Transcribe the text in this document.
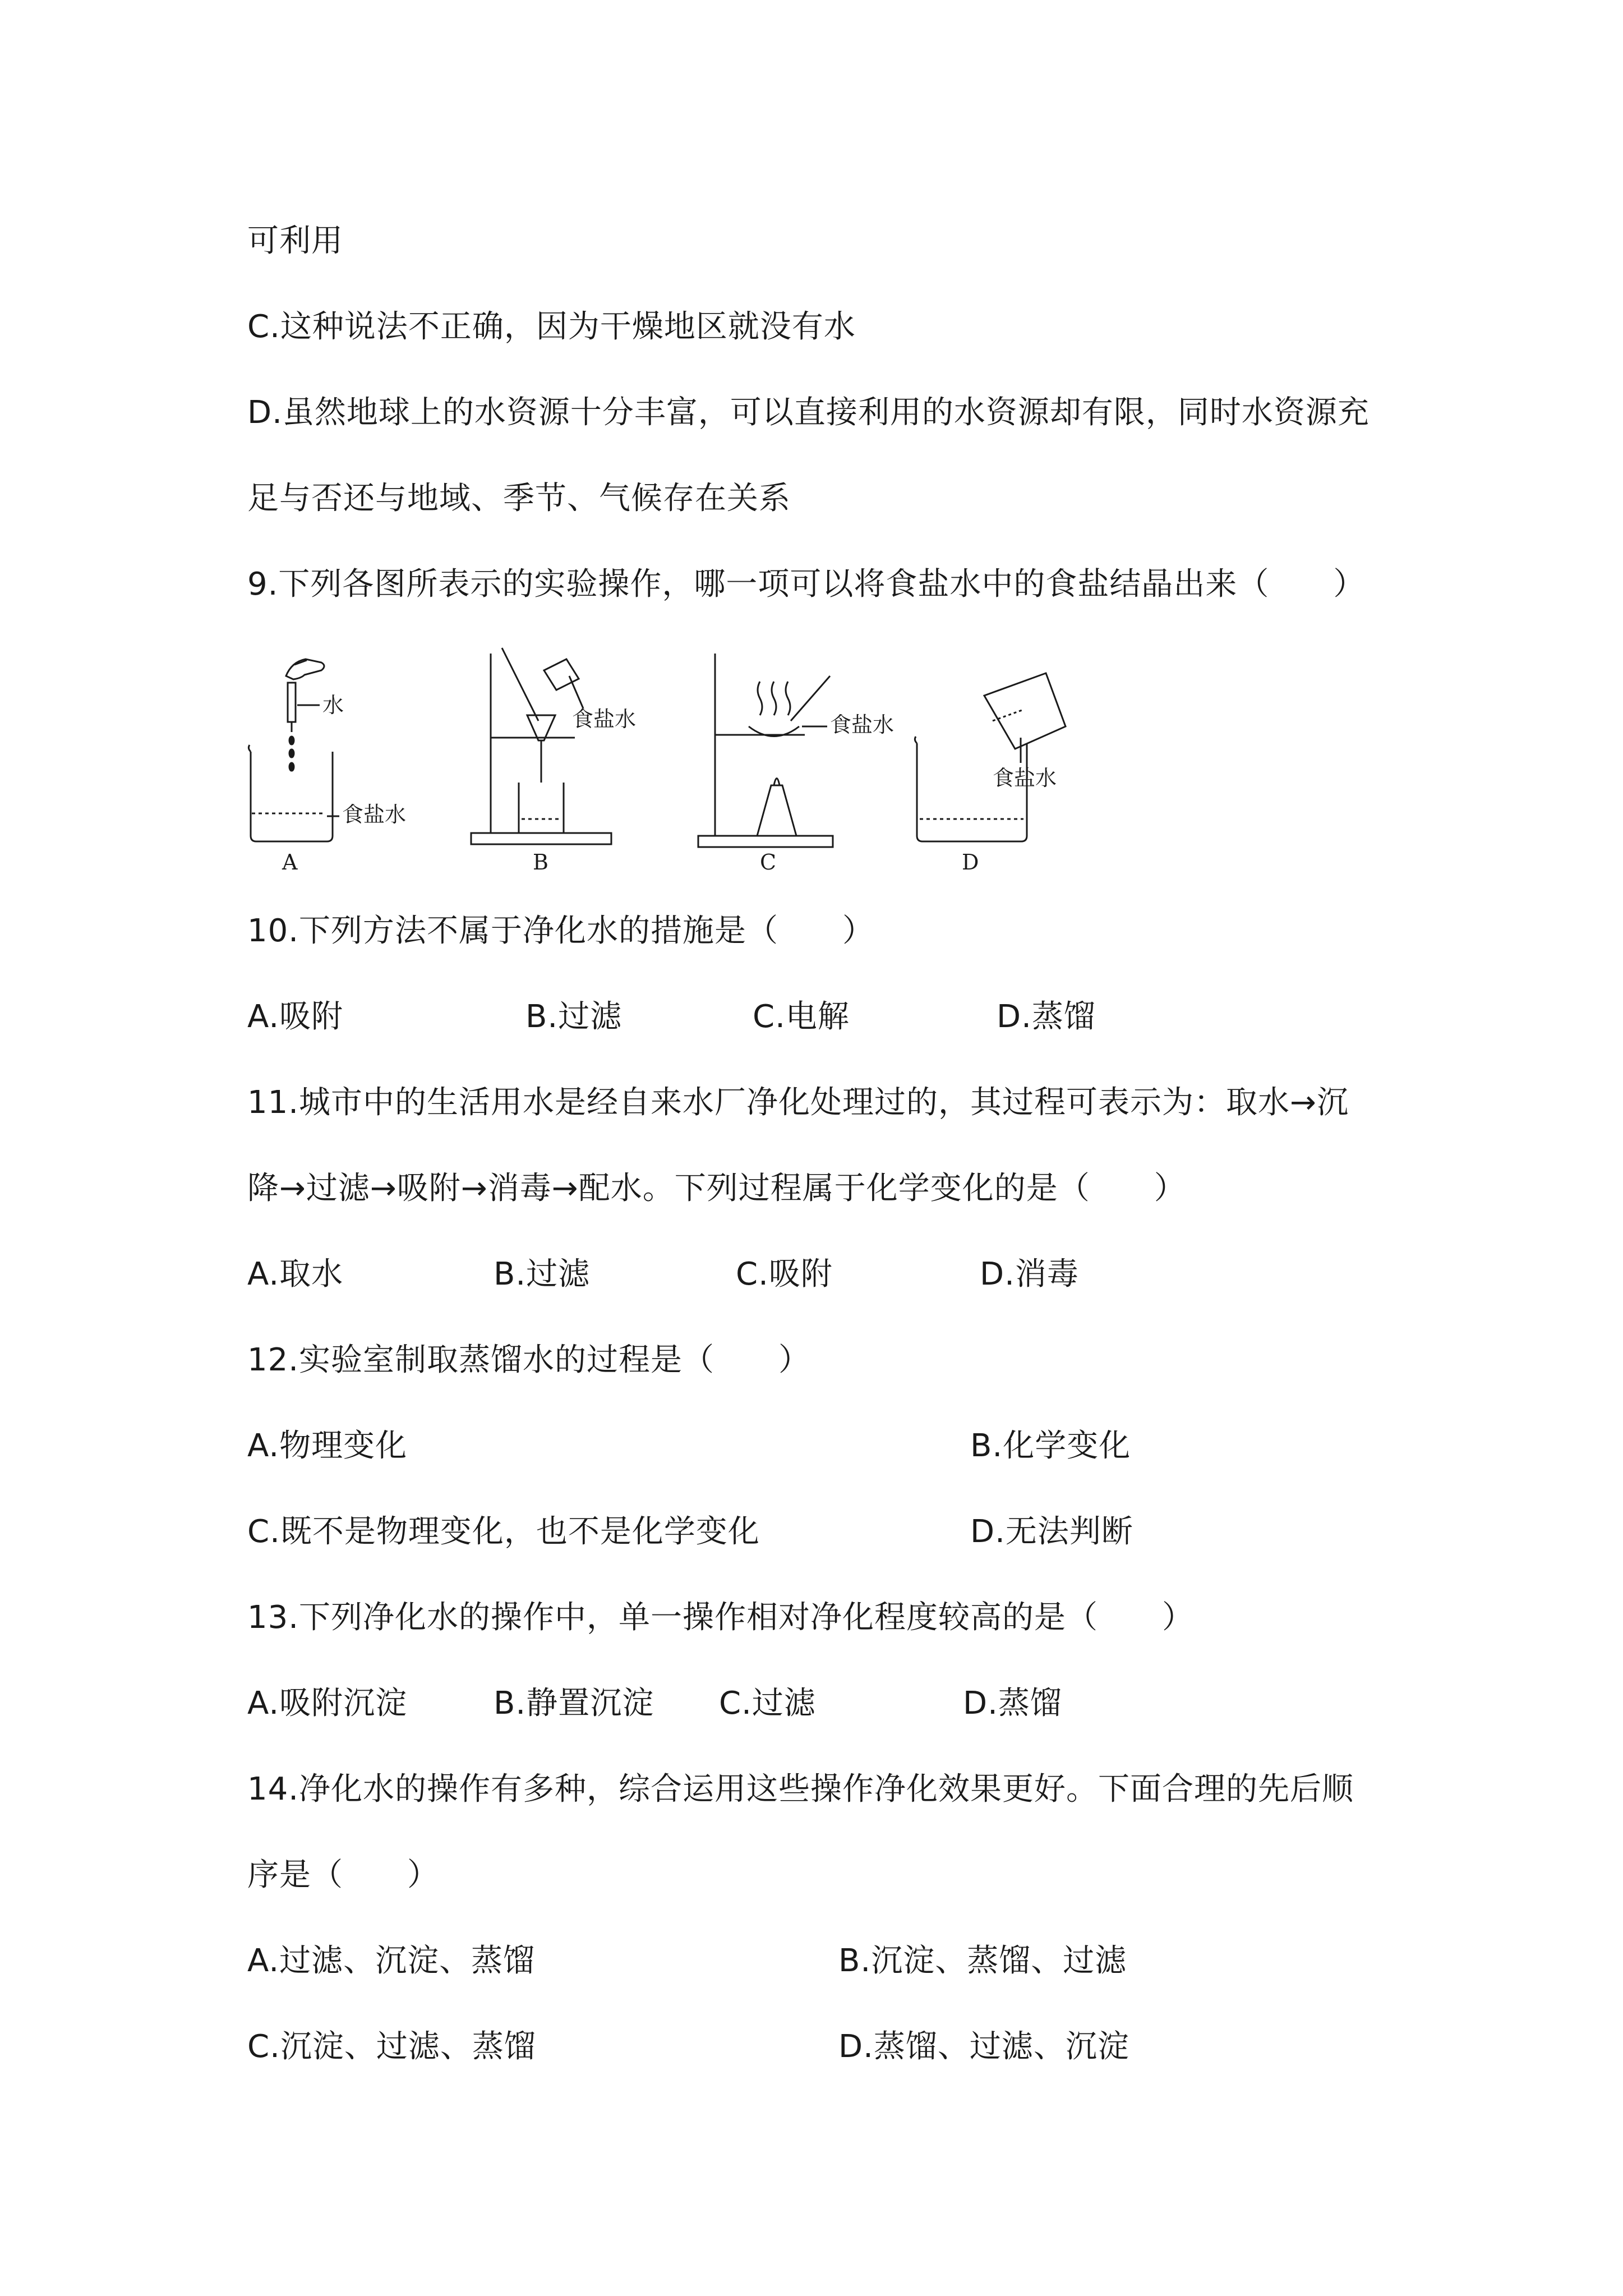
可利用
C.这种说法不正确，因为干燥地区就没有水
D.虽然地球上的水资源十分丰富，可以直接利用的水资源却有限，同时水资源充
足与否还与地域、季节、气候存在关系
9.下列各图所表示的实验操作，哪一项可以将食盐水中的食盐结晶出来（　　）
水
食盐水
A
食盐水
B
食盐水
C
食盐水
D
10.下列方法不属于净化水的措施是（　　）
A.吸附	B.过滤	C.电解	D.蒸馏
11.城市中的生活用水是经自来水厂净化处理过的，其过程可表示为：取水→沉
降→过滤→吸附→消毒→配水。下列过程属于化学变化的是（　　）
A.取水	B.过滤	C.吸附	D.消毒
12.实验室制取蒸馏水的过程是（　　）
A.物理变化	B.化学变化
C.既不是物理变化，也不是化学变化	D.无法判断
13.下列净化水的操作中，单一操作相对净化程度较高的是（　　）
A.吸附沉淀	B.静置沉淀 C.过滤	D.蒸馏
14.净化水的操作有多种，综合运用这些操作净化效果更好。下面合理的先后顺
序是（　　）
A.过滤、沉淀、蒸馏	B.沉淀、蒸馏、过滤
C.沉淀、过滤、蒸馏	D.蒸馏、过滤、沉淀
